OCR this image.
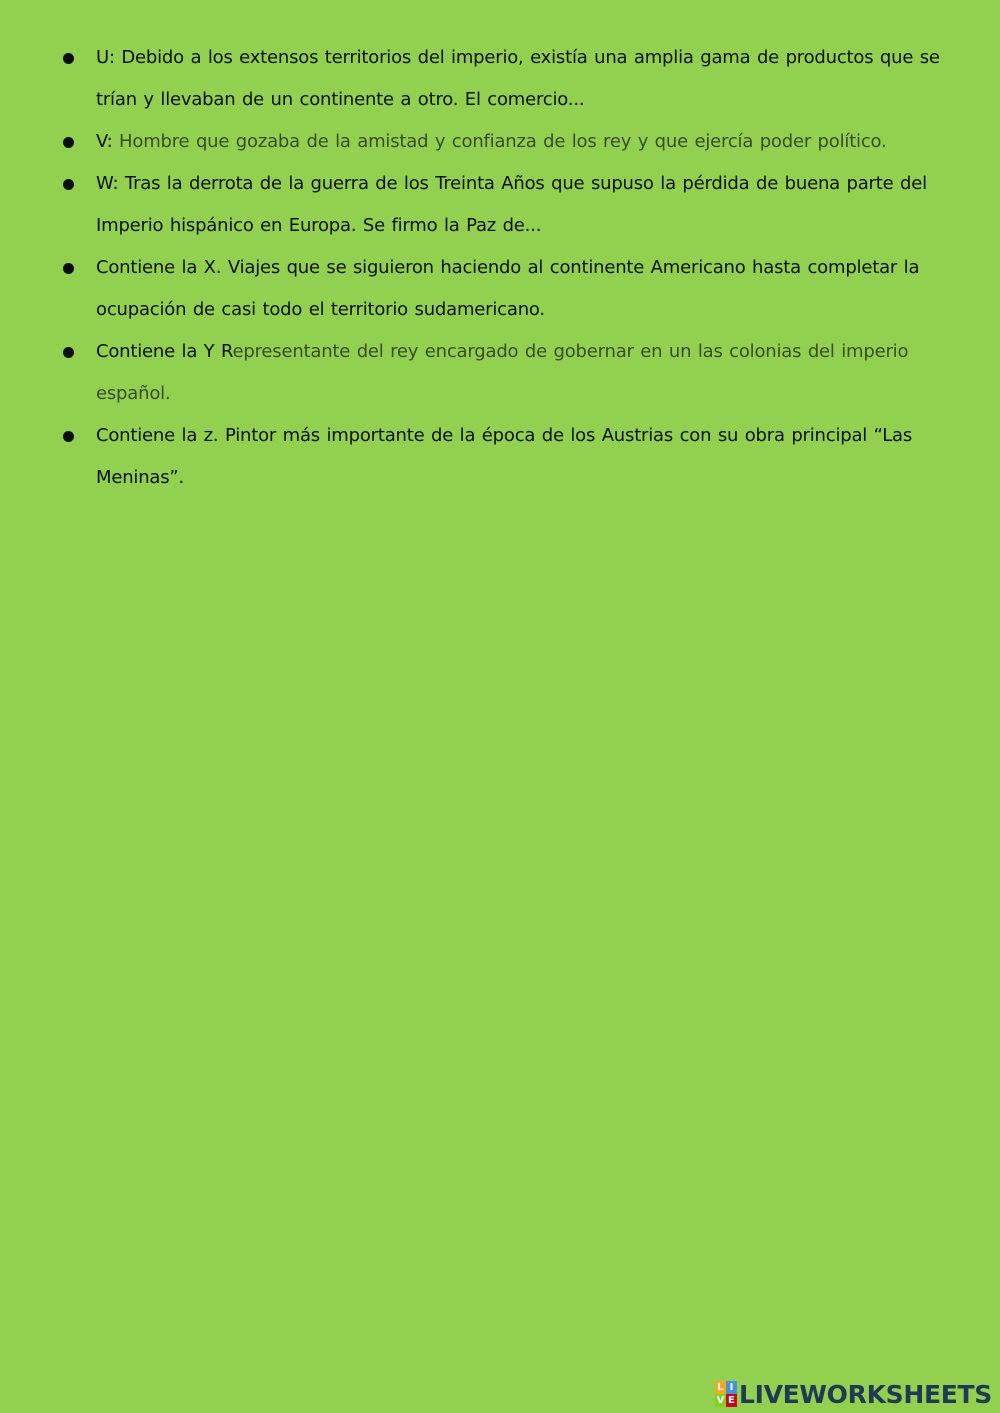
U: Debido a los extensos territorios del imperio, existía una amplia gama de productos que se trían y llevaban de un continente a otro. El comercio...
V: Hombre que gozaba de la amistad y confianza de los rey y que ejercía poder político.
W: Tras la derrota de la guerra de los Treinta Años que supuso la pérdida de buena parte del Imperio hispánico en Europa. Se firmo la Paz de...
Contiene la X. Viajes que se siguieron haciendo al continente Americano hasta completar la ocupación de casi todo el territorio sudamericano.
Contiene la Y Representante del rey encargado de gobernar en un las colonias del imperio español.
Contiene la z. Pintor más importante de la época de los Austrias con su obra principal “Las Meninas”.
L I
V E LIVEWORKSHEETS
